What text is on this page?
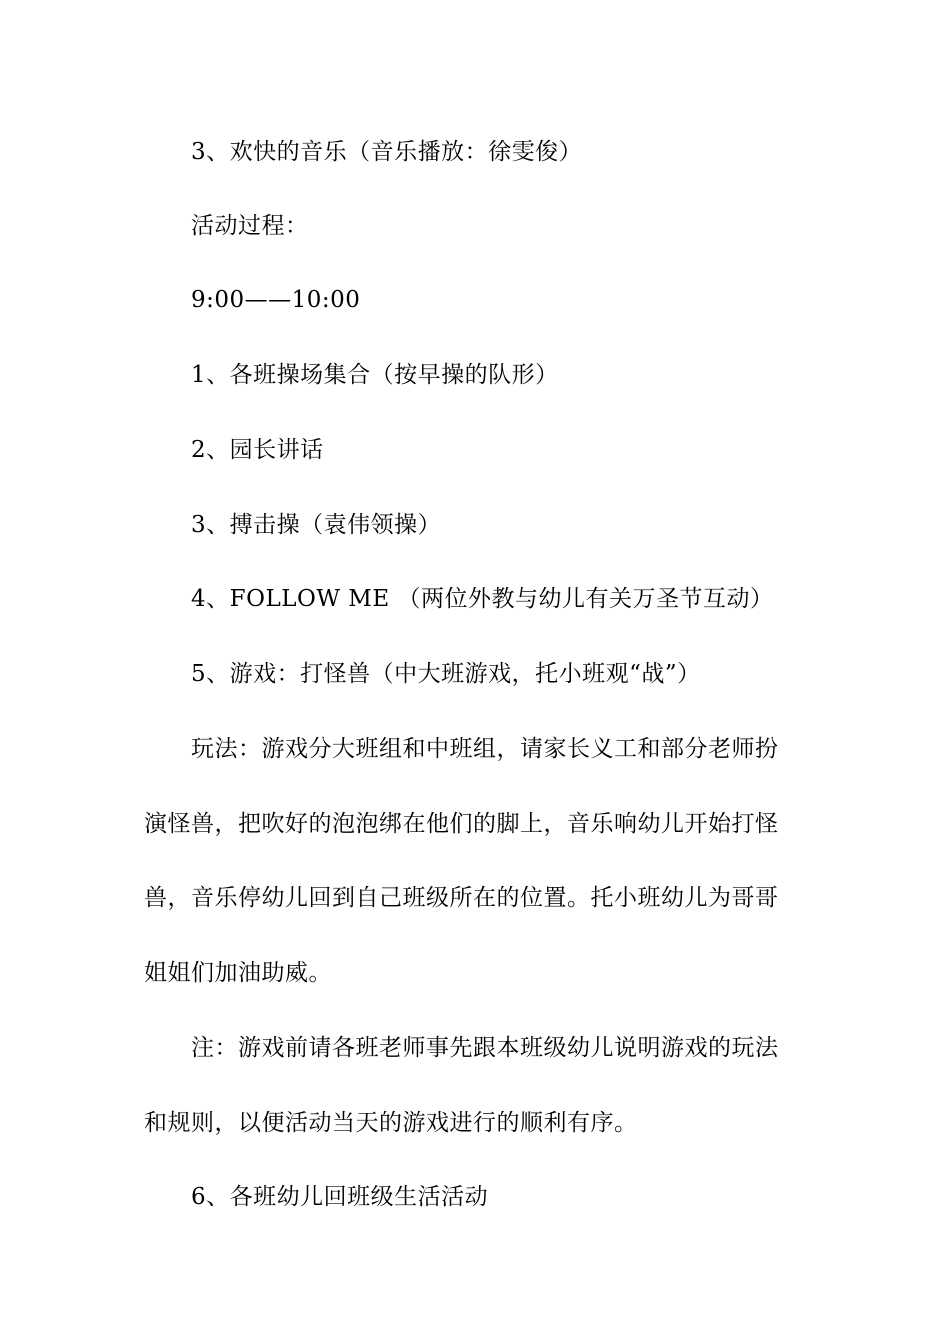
3、欢快的音乐（音乐播放：徐雯俊）
活动过程：
9:00——10:00
1、各班操场集合（按早操的队形）
2、园长讲话
3、搏击操（袁伟领操）
4、FOLLOW ME （两位外教与幼儿有关万圣节互动）
5、游戏：打怪兽（中大班游戏，托小班观“战”）
玩法：游戏分大班组和中班组，请家长义工和部分老师扮
演怪兽，把吹好的泡泡绑在他们的脚上，音乐响幼儿开始打怪
兽，音乐停幼儿回到自己班级所在的位置。托小班幼儿为哥哥
姐姐们加油助威。
注：游戏前请各班老师事先跟本班级幼儿说明游戏的玩法
和规则，以便活动当天的游戏进行的顺利有序。
6、各班幼儿回班级生活活动
